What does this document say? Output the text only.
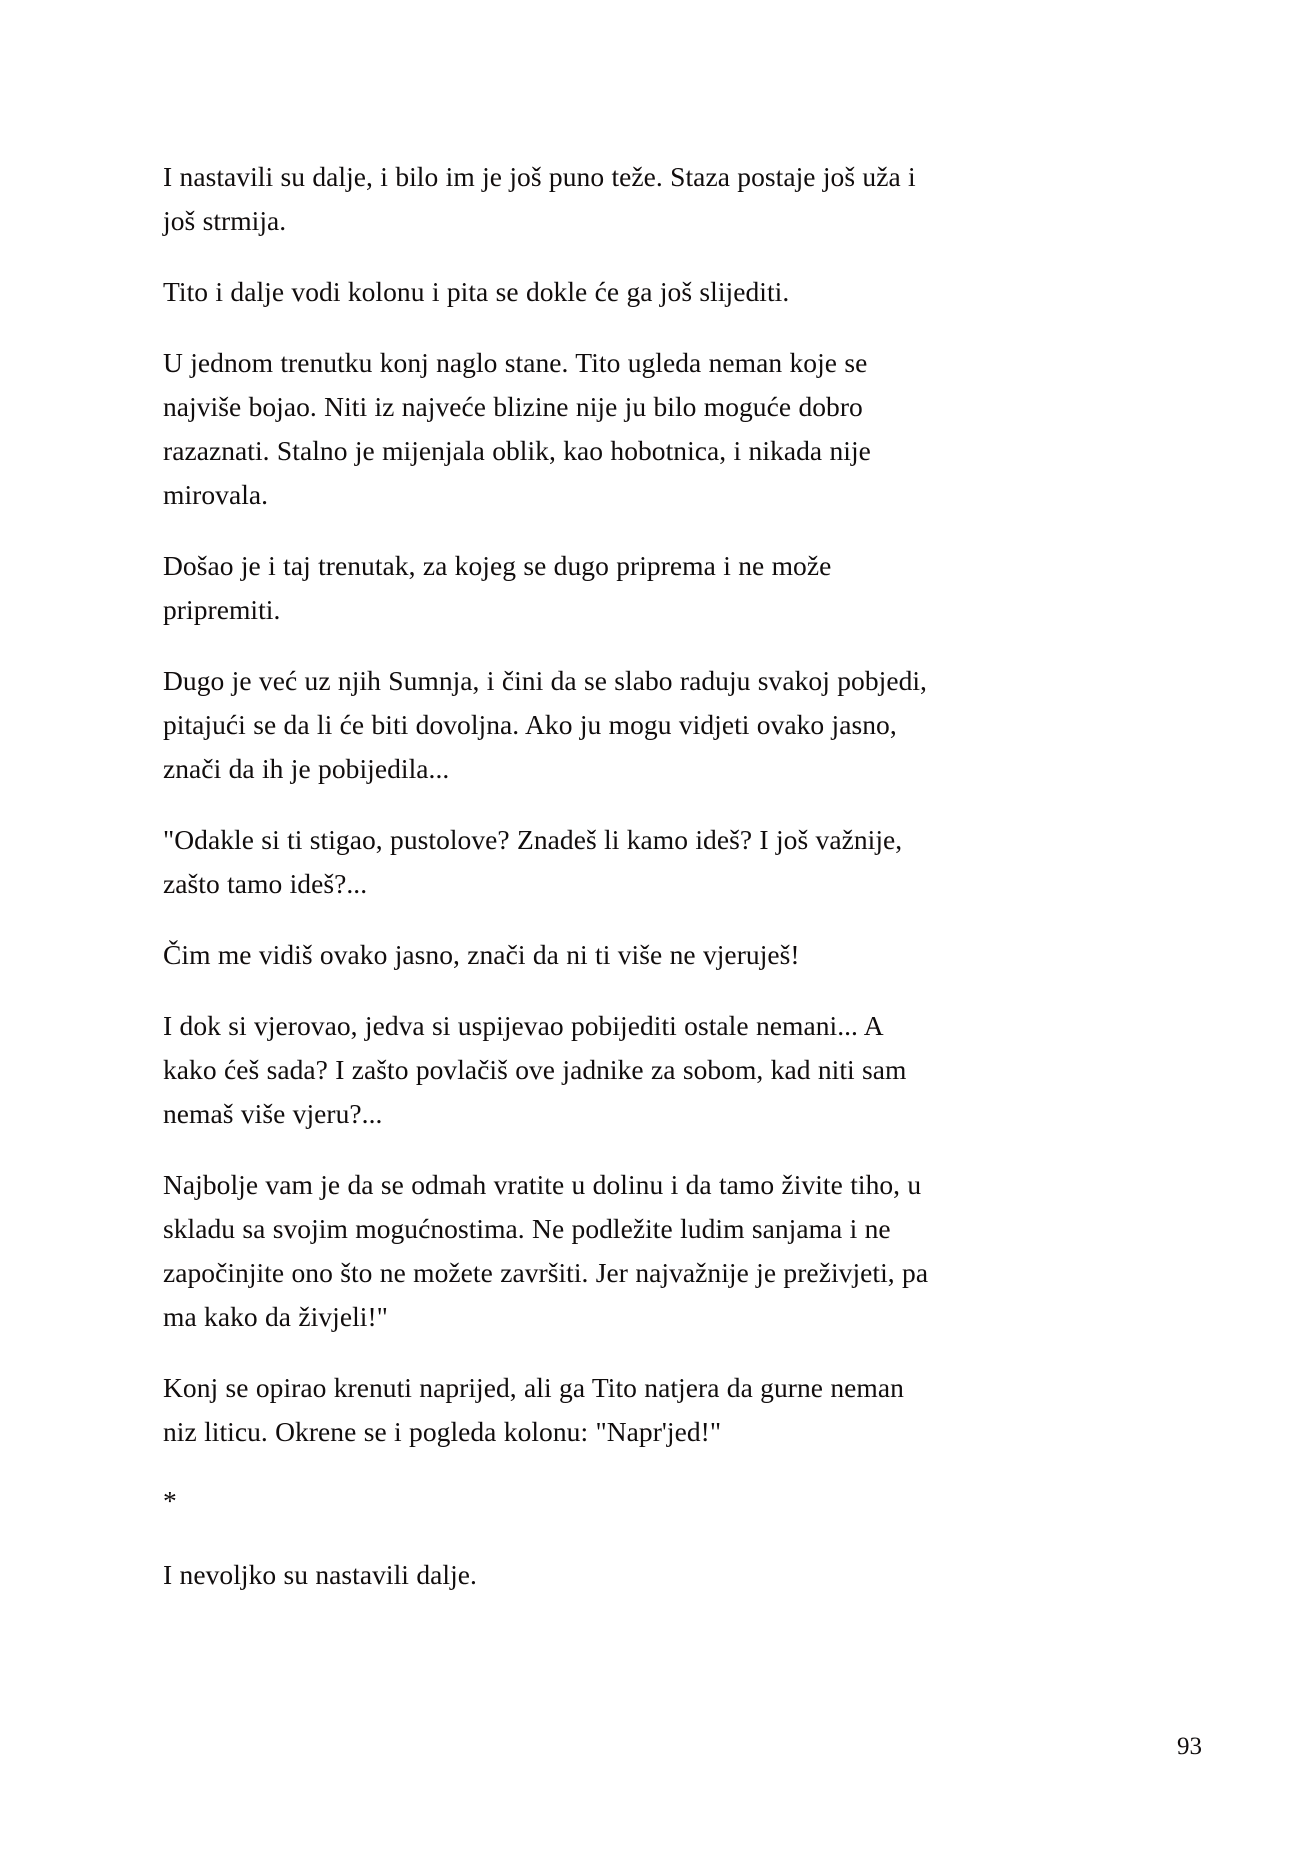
I nastavili su dalje, i bilo im je još puno teže. Staza postaje još uža i još strmija.

Tito i dalje vodi kolonu i pita se dokle će ga još slijediti.

U jednom trenutku konj naglo stane. Tito ugleda neman koje se najviše bojao. Niti iz najveće blizine nije ju bilo moguće dobro razaznati. Stalno je mijenjala oblik, kao hobotnica, i nikada nije mirovala.

Došao je i taj trenutak, za kojeg se dugo priprema i ne može pripremiti.

Dugo je već uz njih Sumnja, i čini da se slabo raduju svakoj pobjedi, pitajući se da li će biti dovoljna. Ako ju mogu vidjeti ovako jasno, znači da ih je pobijedila...

"Odakle si ti stigao, pustolove? Znadeš li kamo ideš? I još važnije, zašto tamo ideš?...

Čim me vidiš ovako jasno, znači da ni ti više ne vjeruješ!

I dok si vjerovao, jedva si uspijevao pobijediti ostale nemani... A kako ćeš sada? I zašto povlačiš ove jadnike za sobom, kad niti sam nemaš više vjeru?...

Najbolje vam je da se odmah vratite u dolinu i da tamo živite tiho, u skladu sa svojim mogućnostima. Ne podležite ludim sanjama i ne započinjite ono što ne možete završiti. Jer najvažnije je preživjeti, pa ma kako da živjeli!"

Konj se opirao krenuti naprijed, ali ga Tito natjera da gurne neman niz liticu. Okrene se i pogleda kolonu: "Napr'jed!"

*

I nevoljko su nastavili dalje.

93
